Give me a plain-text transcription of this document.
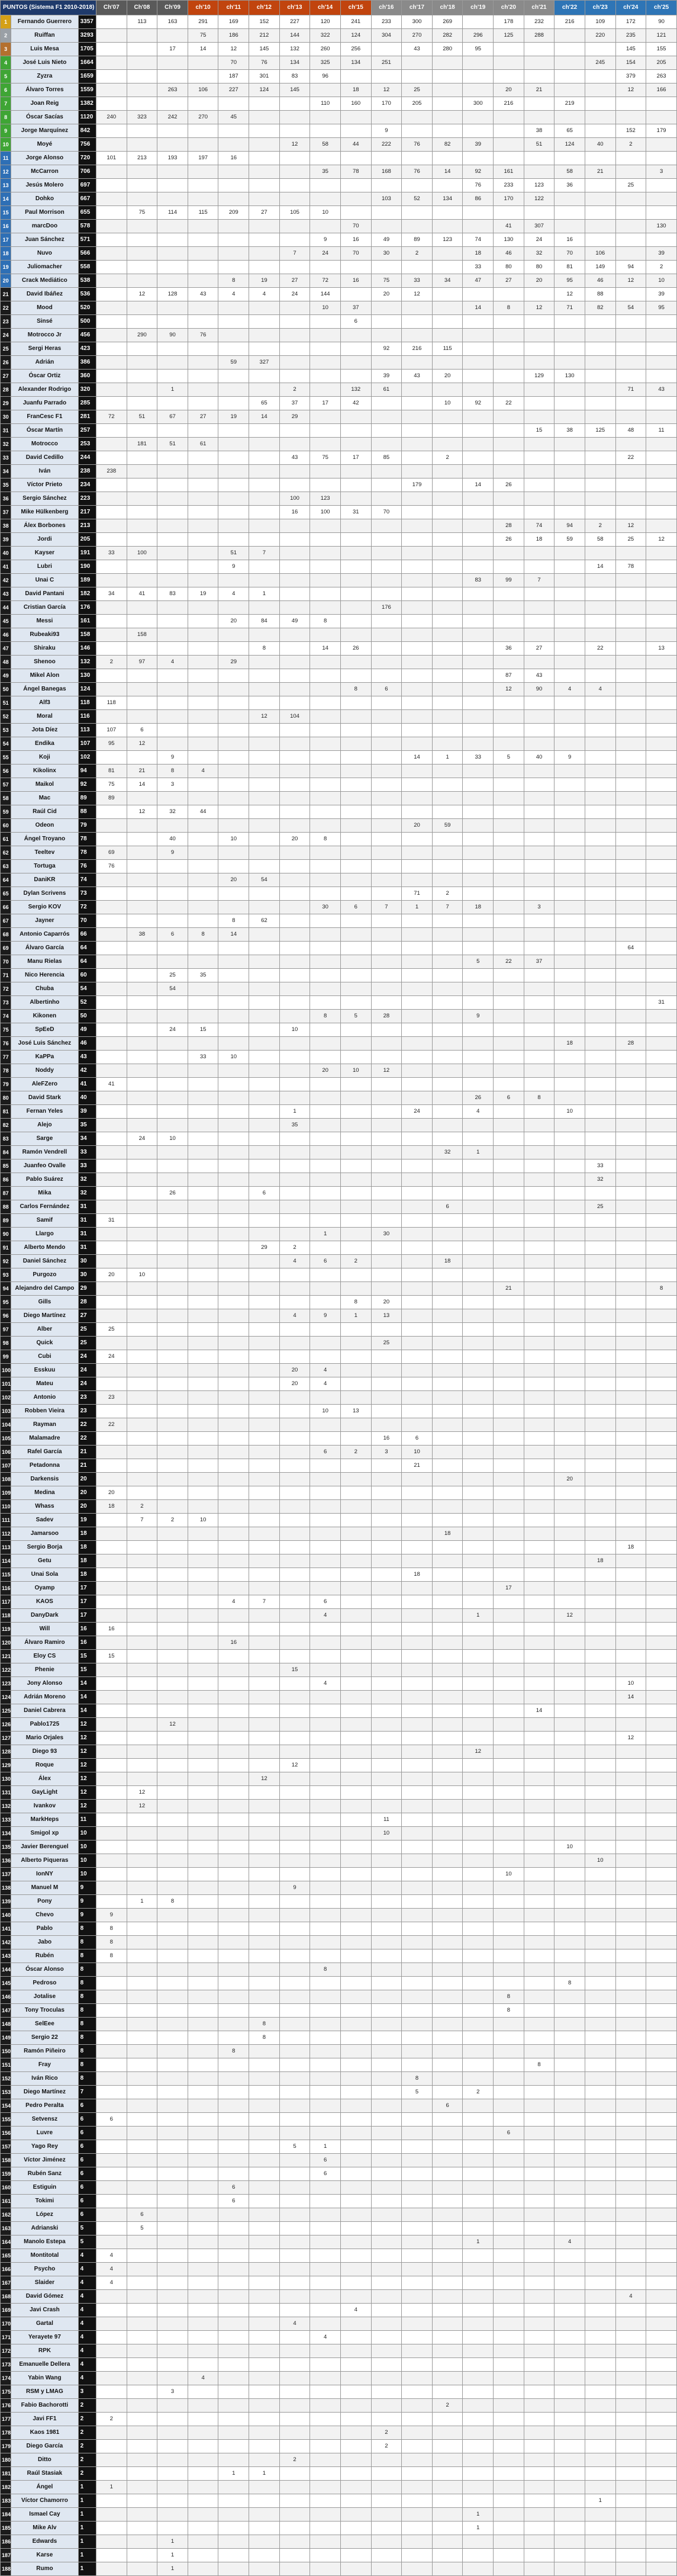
PUNTOS (Sistema F1 2010-2018)			Ch'07	Ch'08	Ch'09	ch'10	ch'11	ch'12	ch'13	ch'14	ch'15	ch'16	ch'17	ch'18	ch'19	ch'20	ch'21	ch'22	ch'23	ch'24	ch'25
1	Fernando Guerrero	3357		113	163	291	169	152	227	120	241	233	300	269		178	232	216	109	172	90
2	Ruiffan	3293				75	186	212	144	322	124	304	270	282	296	125	288		220	235	121
3	Luis Mesa	1705			17	14	12	145	132	260	256		43	280	95					145	155
4	José Luis Nieto	1664					70	76	134	325	134	251							245	154	205
5	Zyzra	1659					187	301	83	96										379	263
6	Álvaro Torres	1559			263	106	227	124	145		18	12	25			20	21			12	166
7	Joan Reig	1382								110	160	170	205		300	216		219			
8	Óscar Sacías	1120	240	323	242	270	45														
9	Jorge Marquínez	842										9					38	65		152	179
10	Moyé	756							12	58	44	222	76	82	39		51	124	40	2	
11	Jorge Alonso	720	101	213	193	197	16														
12	McCarron	706								35	78	168	76	14	92	161		58	21		3
13	Jesús Molero	697													76	233	123	36		25	
14	Dohko	667										103	52	134	86	170	122				
15	Paul Morrison	655		75	114	115	209	27	105	10											
16	marcDoo	578									70					41	307				130
17	Juan Sánchez	571								9	16	49	89	123	74	130	24	16			
18	Nuvo	566							7	24	70	30	2		18	46	32	70	106		39
19	Juliomacher	558													33	80	80	81	149	94	2
20	Crack Mediático	538					8	19	27	72	16	75	33	34	47	27	20	95	46	12	10
21	David Ibáñez	536		12	128	43	4	4	24	144		20	12					12	88		39
22	Mood	520								10	37				14	8	12	71	82	54	95
23	Sinsé	500									6										
24	Motrocco Jr	456		290	90	76															
25	Sergi Heras	423										92	216	115							
26	Adrián	386					59	327													
27	Óscar Ortiz	360										39	43	20			129	130			
28	Alexander Rodrigo	320			1				2		132	61								71	43
29	Juanfu Parrado	285						65	37	17	42			10	92	22					
30	FranCesc F1	281	72	51	67	27	19	14	29												
31	Óscar Martín	257															15	38	125	48	11
32	Motrocco	253		181	51	61															
33	David Cedillo	244							43	75	17	85		2						22	
34	Iván	238	238																		
35	Víctor Prieto	234											179		14	26					
36	Sergio Sánchez	223							100	123											
37	Mike Hülkenberg	217							16	100	31	70									
38	Álex Borbones	213														28	74	94	2	12	
39	Jordi	205														26	18	59	58	25	12
40	Kayser	191	33	100			51	7													
41	Lubri	190					9												14	78	
42	Unai C	189													83	99	7				
43	David Pantani	182	34	41	83	19	4	1													
44	Cristian García	176										176									
45	Messi	161					20	84	49	8											
46	Rubeaki93	158		158																	
47	Shiraku	146						8		14	26					36	27		22		13
48	Shenoo	132	2	97	4		29														
49	Mikel Alon	130														87	43				
50	Ángel Banegas	124									8	6				12	90	4	4		
51	Alf3	118	118																		
52	Moral	116						12	104												
53	Jota Díez	113	107	6																	
54	Endika	107	95	12																	
55	Koji	102			9								14	1	33	5	40	9			
56	Kikolinx	94	81	21	8	4															
57	Maikol	92	75	14	3																
58	Mac	89	89																		
59	Raúl Cid	88		12	32	44															
60	Odeon	79											20	59							
61	Ángel Troyano	78			40		10		20	8											
62	Teeltev	78	69		9																
63	Tortuga	76	76																		
64	DaniKR	74					20	54													
65	Dylan Scrivens	73											71	2							
66	Sergio KOV	72								30	6	7	1	7	18		3				
67	Jayner	70					8	62													
68	Antonio Caparrós	66		38	6	8	14														
69	Álvaro García	64																		64	
70	Manu Rielas	64													5	22	37				
71	Nico Herencia	60			25	35															
72	Chuba	54			54																
73	Albertinho	52																			31
74	Kikonen	50								8	5	28			9						
75	SpEeD	49			24	15			10												
76	José Luis Sánchez	46																18		28	
77	KaPPa	43				33	10														
78	Noddy	42								20	10	12									
79	AleFZero	41	41																		
80	David Stark	40													26	6	8				
81	Fernan Yeles	39							1				24		4			10			
82	Alejo	35							35												
83	Sarge	34		24	10																
84	Ramón Vendrell	33												32	1						
85	Juanfeo Ovalle	33																	33		
86	Pablo Suárez	32																	32		
87	Mika	32			26			6													
88	Carlos Fernández	31												6					25		
89	Samif	31	31																		
90	Llargo	31								1		30									
91	Alberto Mendo	31						29	2												
92	Daniel Sánchez	30							4	6	2			18							
93	Purgozo	30	20	10																	
94	Alejandro del Campo	29														21					8
95	Gills	28									8	20									
96	Diego Martínez	27							4	9	1	13									
97	Alber	25	25																		
98	Quick	25										25									
99	Cubi	24	24																		
100	Esskuu	24							20	4											
101	Mateu	24							20	4											
102	Antonio	23	23																		
103	Robben Vieira	23								10	13										
104	Rayman	22	22																		
105	Malamadre	22										16	6								
106	Rafel García	21								6	2	3	10								
107	Petadonna	21											21								
108	Darkensis	20																20			
109	Medina	20	20																		
110	Whass	20	18	2																	
111	Sadev	19		7	2	10															
112	Jamarsoo	18												18							
113	Sergio Borja	18																		18	
114	Getu	18																	18		
115	Unai Sola	18											18								
116	Oyamp	17														17					
117	KAOS	17					4	7		6											
118	DanyDark	17								4					1			12			
119	Will	16	16																		
120	Álvaro Ramiro	16					16														
121	Eloy CS	15	15																		
122	Phenie	15							15												
123	Jony Alonso	14								4										10	
124	Adrián Moreno	14																		14	
125	Daniel Cabrera	14															14				
126	Pablo1725	12			12																
127	Mario Orjales	12																		12	
128	Diego 93	12													12						
129	Roque	12							12												
130	Álex	12						12													
131	GayLight	12		12																	
132	Ivankov	12		12																	
133	MarkHeps	11										11									
134	Smigol xp	10										10									
135	Javier Berenguel	10																10			
136	Alberto Piqueras	10																	10		
137	IonNY	10														10					
138	Manuel M	9							9												
139	Pony	9		1	8																
140	Chevo	9	9																		
141	Pablo	8	8																		
142	Jabo	8	8																		
143	Rubén	8	8																		
144	Óscar Alonso	8								8											
145	Pedroso	8																8			
146	Jotalise	8														8					
147	Tony Troculas	8														8					
148	SelEee	8						8													
149	Sergio 22	8						8													
150	Ramón Piñeiro	8					8														
151	Fray	8															8				
152	Iván Rico	8											8								
153	Diego Martínez	7											5		2						
154	Pedro Peralta	6												6							
155	Setvensz	6	6																		
156	Luvre	6														6					
157	Yago Rey	6							5	1											
158	Víctor Jiménez	6								6											
159	Rubén Sanz	6								6											
160	Estiguin	6					6														
161	Tokimi	6					6														
162	López	6		6																	
163	Adrianski	5		5																	
164	Manolo Estepa	5													1			4			
165	Montitotal	4	4																		
166	Psycho	4	4																		
167	Slaider	4	4																		
168	David Gómez	4																		4	
169	Javi Crash	4									4										
170	Gartal	4							4												
171	Yerayete 97	4								4											
172	RPK	4																			
173	Emanuelle Dellera	4																			
174	Yabin Wang	4				4															
175	RSM y LMAG	3			3																
176	Fabio Bachorotti	2												2							
177	Javi FF1	2	2																		
178	Kaos 1981	2										2									
179	Diego García	2										2									
180	Ditto	2							2												
181	Raúl Stasiak	2					1	1													
182	Ángel	1	1																		
183	Víctor Chamorro	1																	1		
184	Ismael Cay	1													1						
185	Mike Alv	1													1						
186	Edwards	1			1																
187	Karse	1			1																
188	Rumo	1			1																
